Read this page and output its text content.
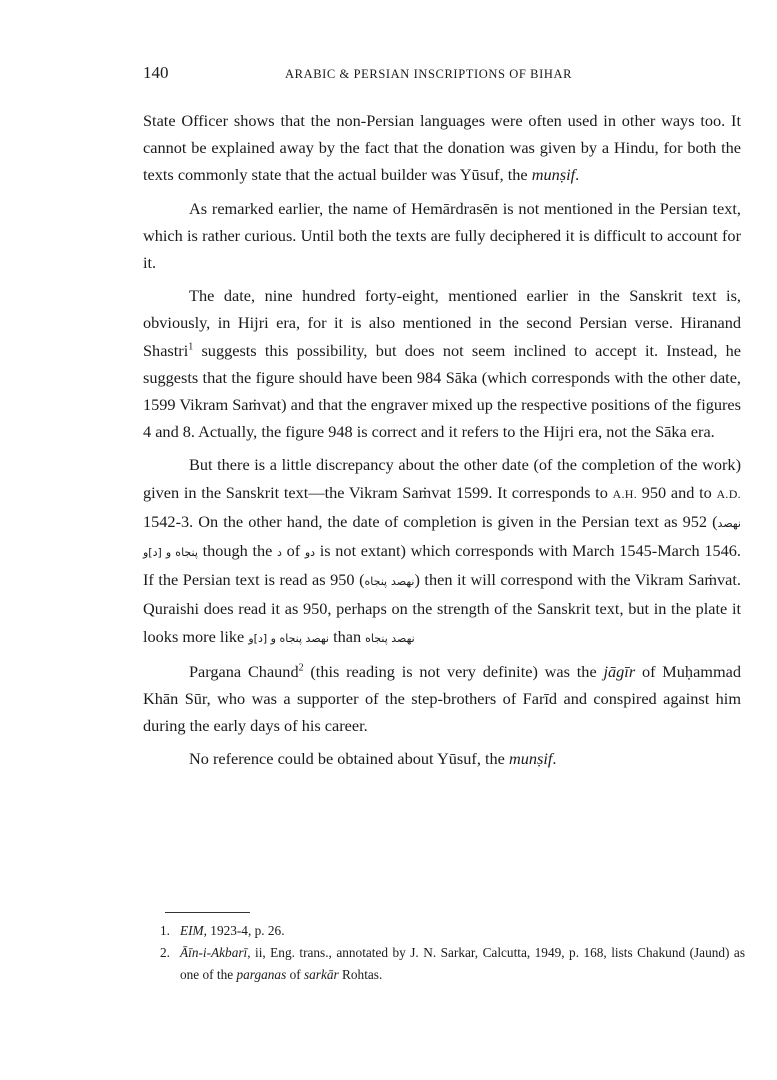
140	ARABIC & PERSIAN INSCRIPTIONS OF BIHAR

State Officer shows that the non-Persian languages were often used in other ways too. It cannot be explained away by the fact that the donation was given by a Hindu, for both the texts commonly state that the actual builder was Yūsuf, the munṣif.

As remarked earlier, the name of Hemārdrasēn is not mentioned in the Persian text, which is rather curious. Until both the texts are fully deciphered it is difficult to account for it.

The date, nine hundred forty-eight, mentioned earlier in the Sanskrit text is, obviously, in Hijri era, for it is also mentioned in the second Persian verse. Hiranand Shastri$^1$ suggests this possibility, but does not seem inclined to accept it. Instead, he suggests that the figure should have been 984 Sāka (which corresponds with the other date, 1599 Vikram Saṁvat) and that the engraver mixed up the respective positions of the figures 4 and 8. Actually, the figure 948 is correct and it refers to the Hijri era, not the Sāka era.

But there is a little discrepancy about the other date (of the completion of the work) given in the Sanskrit text—the Vikram Saṁvat 1599. It corresponds to A.H. 950 and to A.D. 1542-3. On the other hand, the date of completion is given in the Persian text as 952 (نهصد پنجاه و [د]و though the د of دو is not extant) which corresponds with March 1545-March 1546. If the Persian text is read as 950 (نهصد پنجاه) then it will correspond with the Vikram Saṁvat. Quraishi does read it as 950, perhaps on the strength of the Sanskrit text, but in the plate it looks more like نهصد پنجاه و [د]و than نهصد پنجاه

Pargana Chaund$^2$ (this reading is not very definite) was the jāgīr of Muḥammad Khān Sūr, who was a supporter of the step-brothers of Farīd and conspired against him during the early days of his career.

No reference could be obtained about Yūsuf, the munṣif.

1. EIM, 1923-4, p. 26.
2. Āīn-i-Akbarī, ii, Eng. trans., annotated by J. N. Sarkar, Calcutta, 1949, p. 168, lists Chakund (Jaund) as one of the parganas of sarkār Rohtas.
